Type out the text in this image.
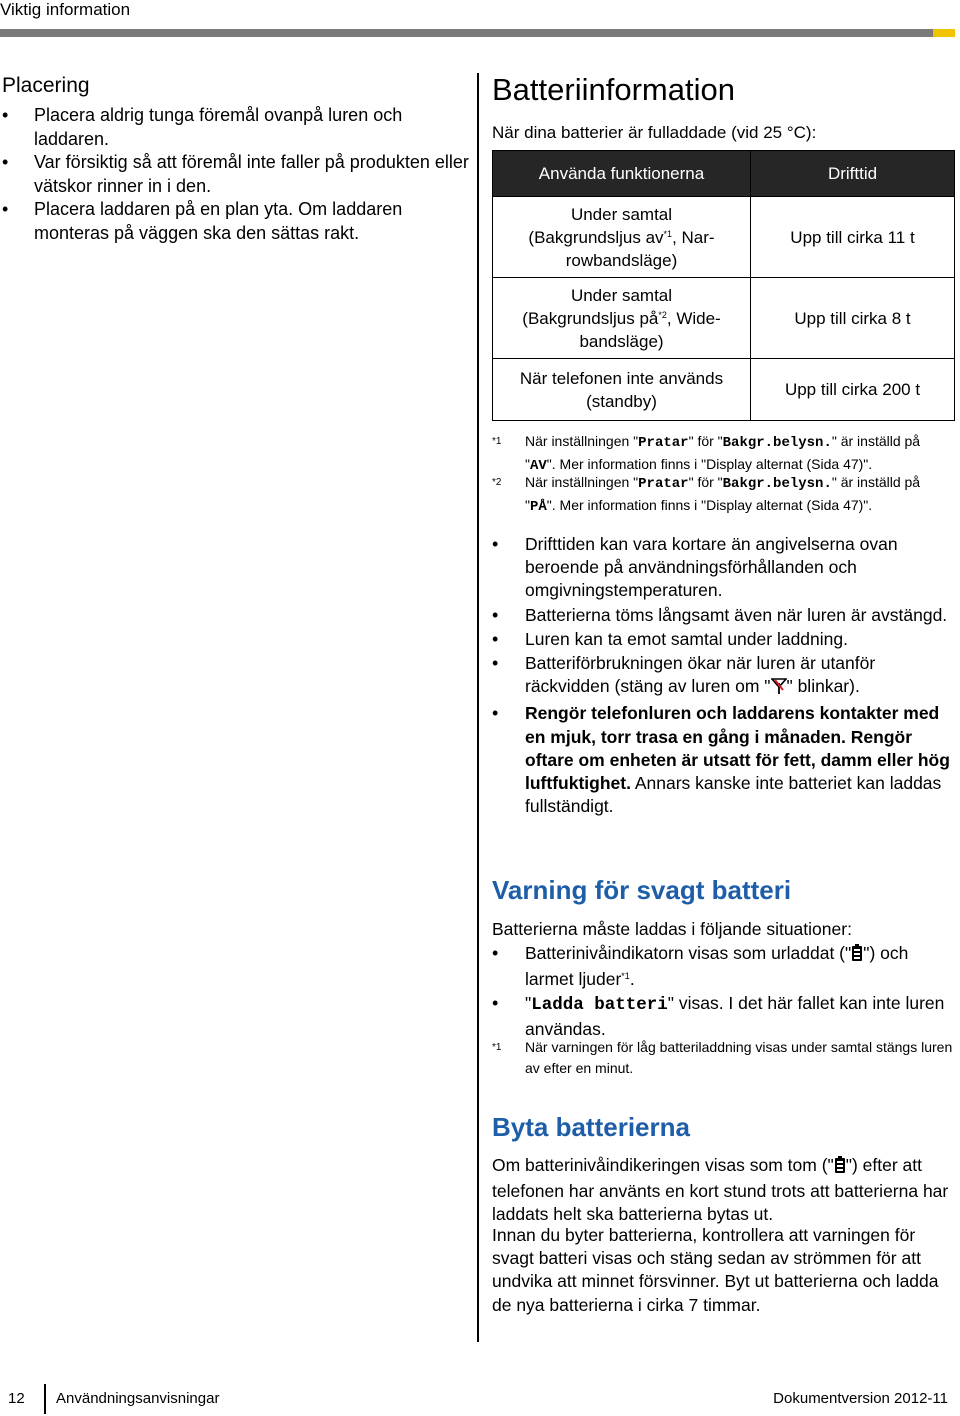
Viktig information
Placering
• Placera aldrig tunga föremål ovanpå luren och laddaren.
• Var försiktig så att föremål inte faller på produkten eller vätskor rinner in i den.
• Placera laddaren på en plan yta. Om laddaren monteras på väggen ska den sättas rakt.
Batteriinformation
När dina batterier är fulladdade (vid 25 °C):
Använda funktionerna	Drifttid
Under samtal
(Bakgrundsljus $av^{*1}$, Nar-
rowbandsläge)	Upp till cirka 11 t
Under samtal
(Bakgrundsljus $på^{*2}$, Wide-
bandsläge)	Upp till cirka 8 t
När telefonen inte används
(standby)	Upp till cirka 200 t
*1 När inställningen "Pratar" för "Bakgr.belysn." är inställd på
"AV". Mer information finns i "Display alternat (Sida 47)".
*2 När inställningen "Pratar" för "Bakgr.belysn." är inställd på
"PÅ". Mer information finns i "Display alternat (Sida 47)".
• Drifttiden kan vara kortare än angivelserna ovan beroende på användningsförhållanden och omgivningstemperaturen.
• Batterierna töms långsamt även när luren är avstängd.
• Luren kan ta emot samtal under laddning.
• Batteriförbrukningen ökar när luren är utanför räckvidden (stäng av luren om " " blinkar).
• Rengör telefonluren och laddarens kontakter med en mjuk, torr trasa en gång i månaden. Rengör oftare om enheten är utsatt för fett, damm eller hög luftfuktighet. Annars kanske inte batteriet kan laddas fullständigt.
Varning för svagt batteri
Batterierna måste laddas i följande situationer:
• Batterinivåindikatorn visas som urladdat (" ") och larmet ljuder$^{*1}$.
• "Ladda batteri" visas. I det här fallet kan inte luren användas.
*1 När varningen för låg batteriladdning visas under samtal stängs luren av efter en minut.
Byta batterierna
Om batterinivåindikeringen visas som tom (" ") efter att telefonen har använts en kort stund trots att batterierna har laddats helt ska batterierna bytas ut.
Innan du byter batterierna, kontrollera att varningen för svagt batteri visas och stäng sedan av strömmen för att undvika att minnet försvinner. Byt ut batterierna och ladda de nya batterierna i cirka 7 timmar.
12 Användningsanvisningar	Dokumentversion 2012-11
